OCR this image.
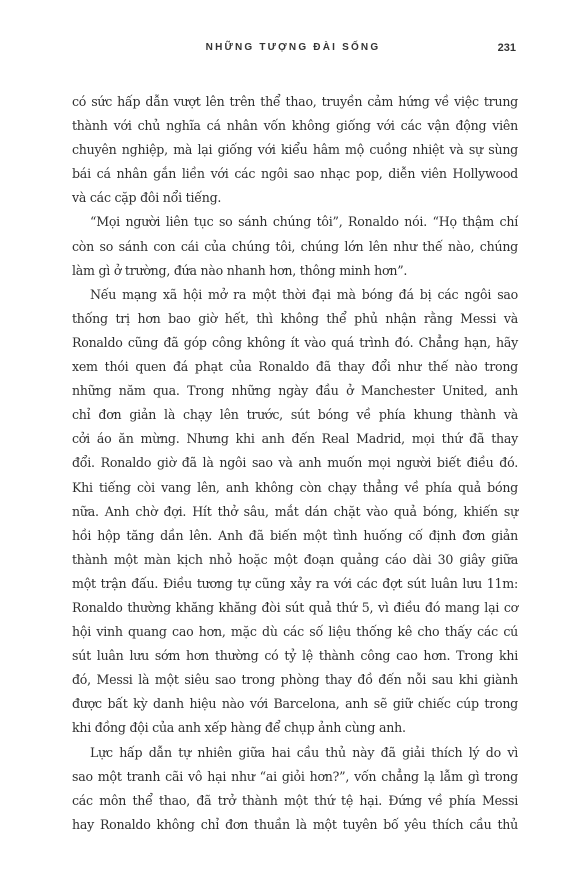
NHỮNG TƯỢNG ĐÀI SỐNG	231
có sức hấp dẫn vượt lên trên thể thao, truyền cảm hứng về việc trung
thành với chủ nghĩa cá nhân vốn không giống với các vận động viên
chuyên nghiệp, mà lại giống với kiểu hâm mộ cuồng nhiệt và sự sùng
bái cá nhân gắn liền với các ngôi sao nhạc pop, diễn viên Hollywood
và các cặp đôi nổi tiếng.
“Mọi người liên tục so sánh chúng tôi”, Ronaldo nói. “Họ thậm chí
còn so sánh con cái của chúng tôi, chúng lớn lên như thế nào, chúng
làm gì ở trường, đứa nào nhanh hơn, thông minh hơn”.
Nếu mạng xã hội mở ra một thời đại mà bóng đá bị các ngôi sao
thống trị hơn bao giờ hết, thì không thể phủ nhận rằng Messi và
Ronaldo cũng đã góp công không ít vào quá trình đó. Chẳng hạn, hãy
xem thói quen đá phạt của Ronaldo đã thay đổi như thế nào trong
những năm qua. Trong những ngày đầu ở Manchester United, anh
chỉ đơn giản là chạy lên trước, sút bóng về phía khung thành và
cởi áo ăn mừng. Nhưng khi anh đến Real Madrid, mọi thứ đã thay
đổi. Ronaldo giờ đã là ngôi sao và anh muốn mọi người biết điều đó.
Khi tiếng còi vang lên, anh không còn chạy thẳng về phía quả bóng
nữa. Anh chờ đợi. Hít thở sâu, mắt dán chặt vào quả bóng, khiến sự
hồi hộp tăng dần lên. Anh đã biến một tình huống cố định đơn giản
thành một màn kịch nhỏ hoặc một đoạn quảng cáo dài 30 giây giữa
một trận đấu. Điều tương tự cũng xảy ra với các đợt sút luân lưu 11m:
Ronaldo thường khăng khăng đòi sút quả thứ 5, vì điều đó mang lại cơ
hội vinh quang cao hơn, mặc dù các số liệu thống kê cho thấy các cú
sút luân lưu sớm hơn thường có tỷ lệ thành công cao hơn. Trong khi
đó, Messi là một siêu sao trong phòng thay đồ đến nỗi sau khi giành
được bất kỳ danh hiệu nào với Barcelona, anh sẽ giữ chiếc cúp trong
khi đồng đội của anh xếp hàng để chụp ảnh cùng anh.
Lực hấp dẫn tự nhiên giữa hai cầu thủ này đã giải thích lý do vì
sao một tranh cãi vô hại như “ai giỏi hơn?”, vốn chẳng lạ lẫm gì trong
các môn thể thao, đã trở thành một thứ tệ hại. Đứng về phía Messi
hay Ronaldo không chỉ đơn thuần là một tuyên bố yêu thích cầu thủ
